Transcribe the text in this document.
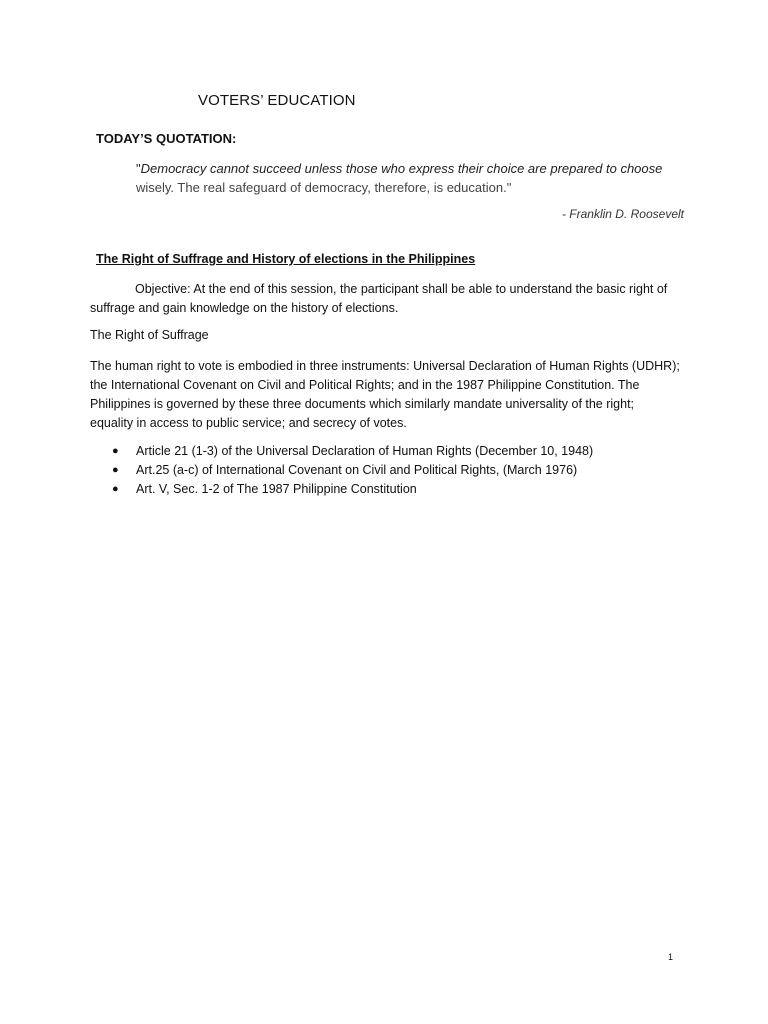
VOTERS’ EDUCATION
TODAY’S QUOTATION:
"Democracy cannot succeed unless those who express their choice are prepared to choose wisely. The real safeguard of democracy, therefore, is education."
- Franklin D. Roosevelt
The Right of Suffrage and History of elections in the Philippines
Objective: At the end of this session, the participant shall be able to understand the basic right of suffrage and gain knowledge on the history of elections.
The Right of Suffrage
The human right to vote is embodied in three instruments: Universal Declaration of Human Rights (UDHR); the International Covenant on Civil and Political Rights; and in the 1987 Philippine Constitution. The Philippines is governed by these three documents which similarly mandate universality of the right; equality in access to public service; and secrecy of votes.
● Article 21 (1-3) of the Universal Declaration of Human Rights (December 10, 1948)
● Art.25 (a-c) of International Covenant on Civil and Political Rights, (March 1976)
● Art. V, Sec. 1-2 of The 1987 Philippine Constitution
1
